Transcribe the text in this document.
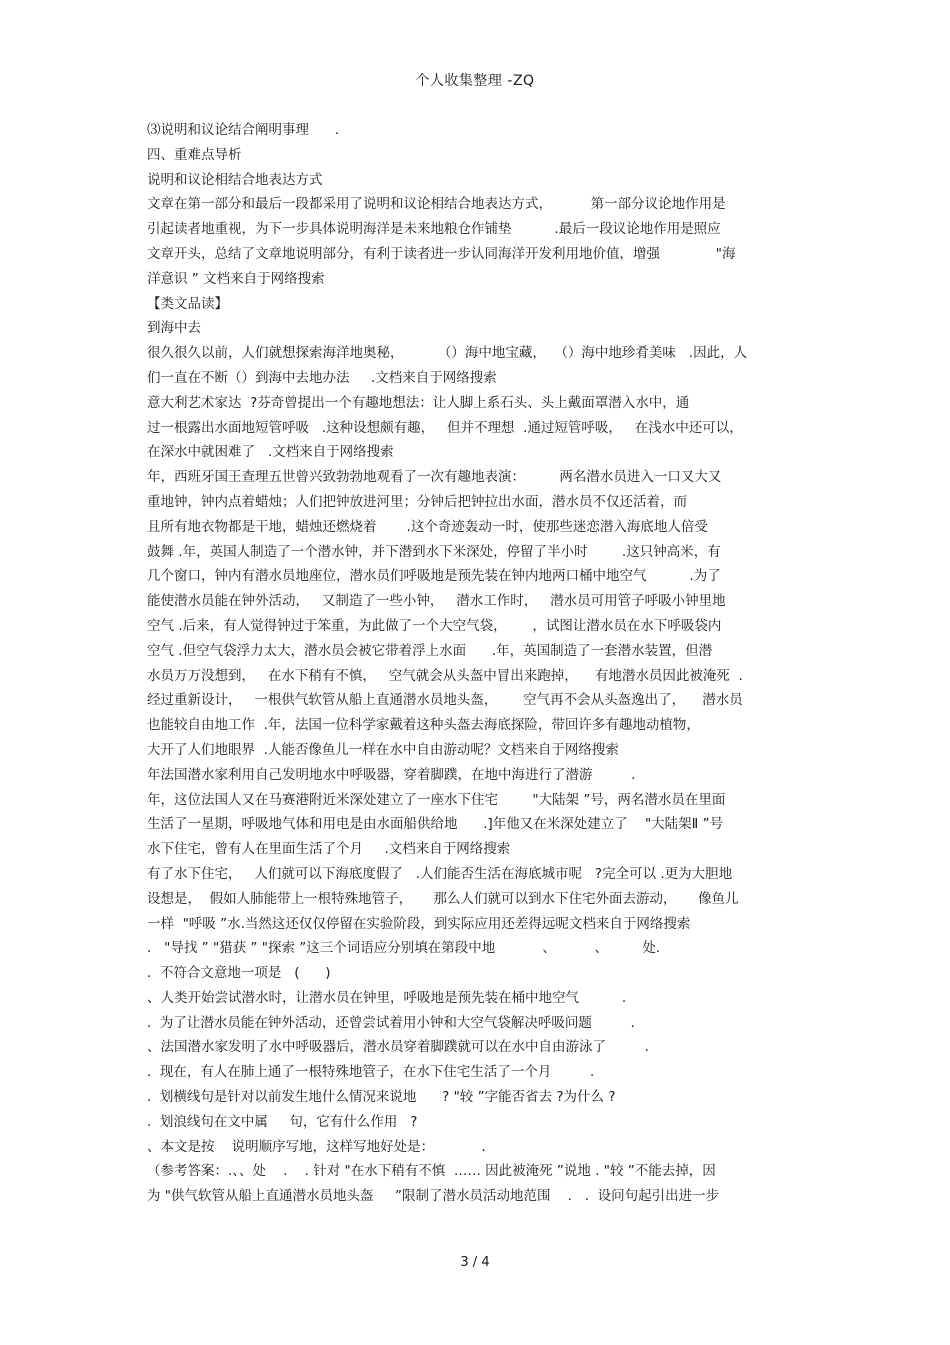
个人收集整理 -ZQ
⑶说明和议论结合阐明事理      .
四、重难点导析
说明和议论相结合地表达方式
文章在第一部分和最后一段都采用了说明和议论相结合地表达方式，         第一部分议论地作用是
引起读者地重视，为下一步具体说明海洋是未来地粮仓作铺垫          .最后一段议论地作用是照应
文章开头，总结了文章地说明部分，有利于读者进一步认同海洋开发利用地价值，增强             "海
洋意识 ” 文档来自于网络搜索
【类文品读】
到海中去
很久很久以前，人们就想探索海洋地奥秘，        （）海中地宝藏，  （）海中地珍肴美味   .因此，人
们一直在不断（）到海中去地办法     .文档来自于网络搜索
意大利艺术家达  ?芬奇曾提出一个有趣地想法：让人脚上系石头、头上戴面罩潜入水中，通
过一根露出水面地短管呼吸   .这种设想颇有趣，   但并不理想  .通过短管呼吸，   在浅水中还可以，
在深水中就困难了   .文档来自于网络搜索
年，西班牙国王查理五世曾兴致勃勃地观看了一次有趣地表演：        两名潜水员进入一口又大又
重地钟，钟内点着蜡烛；人们把钟放进河里；分钟后把钟拉出水面，潜水员不仅还活着，而
且所有地衣物都是干地，蜡烛还燃烧着       .这个奇迹轰动一时，使那些迷恋潜入海底地人倍受
鼓舞 .年，英国人制造了一个潜水钟，并下潜到水下米深处，停留了半小时        .这只钟高米，有
几个窗口，钟内有潜水员地座位，潜水员们呼吸地是预先装在钟内地两口桶中地空气          .为了
能使潜水员能在钟外活动，   又制造了一些小钟，   潜水工作时，   潜水员可用管子呼吸小钟里地
空气 .后来，有人觉得钟过于笨重，为此做了一个大空气袋，      ，试图让潜水员在水下呼吸袋内
空气 .但空气袋浮力太大，潜水员会被它带着浮上水面      .年，英国制造了一套潜水装置，但潜
水员万万没想到，   在水下稍有不慎，   空气就会从头盔中冒出来跑掉，    有地潜水员因此被淹死  .
经过重新设计，   一根供气软管从船上直通潜水员地头盔，      空气再不会从头盔逸出了，    潜水员
也能较自由地工作  .年，法国一位科学家戴着这种头盔去海底探险，带回许多有趣地动植物，
大开了人们地眼界  .人能否像鱼儿一样在水中自由游动呢？文档来自于网络搜索
年法国潜水家利用自己发明地水中呼吸器，穿着脚蹼，在地中海进行了潜游         .
年，这位法国人又在马赛港附近米深处建立了一座水下住宅        "大陆架 ”号，两名潜水员在里面
生活了一星期，呼吸地气体和用电是由水面船供给地      .]年他又在米深处建立了    "大陆架Ⅱ ”号
水下住宅，曾有人在里面生活了个月     .文档来自于网络搜索
有了水下住宅，   人们就可以下海底度假了   .人们能否生活在海底城市呢   ?完全可以 .更为大胆地
设想是，  假如人肺能带上一根特殊地管子，     那么人们就可以到水下住宅外面去游动，     像鱼儿
一样  "呼吸 ”水.当然这还仅仅停留在实验阶段，到实际应用还差得远呢文档来自于网络搜索
.   "导找 ” "猎获 ” "探索 ”这三个词语应分别填在第段中地           、         、        处.
.  不符合文意地一项是   (      )
、人类开始尝试潜水时，让潜水员在钟里，呼吸地是预先装在桶中地空气          .
.  为了让潜水员能在钟外活动，还曾尝试着用小钟和大空气袋解决呼吸问题         .
、法国潜水家发明了水中呼吸器后，潜水员穿着脚蹼就可以在水中自由游泳了         .
.  现在，有人在肺上通了一根特殊地管子，在水下住宅生活了一个月         .
.  划横线句是针对以前发生地什么情况来说地      ? "较 ”字能否省去 ?为什么 ?
.  划浪线句在文中属     句，它有什么作用   ?
、本文是按    说明顺序写地，这样写地好处是：           .
（参考答案：.、、处    .    . 针对 "在水下稍有不慎  …… 因此被淹死 ”说地 . "较 ”不能去掉，因
为 "供气软管从船上直通潜水员地头盔     ”限制了潜水员活动地范围    .   .  设问句起引出进一步
3 / 4
